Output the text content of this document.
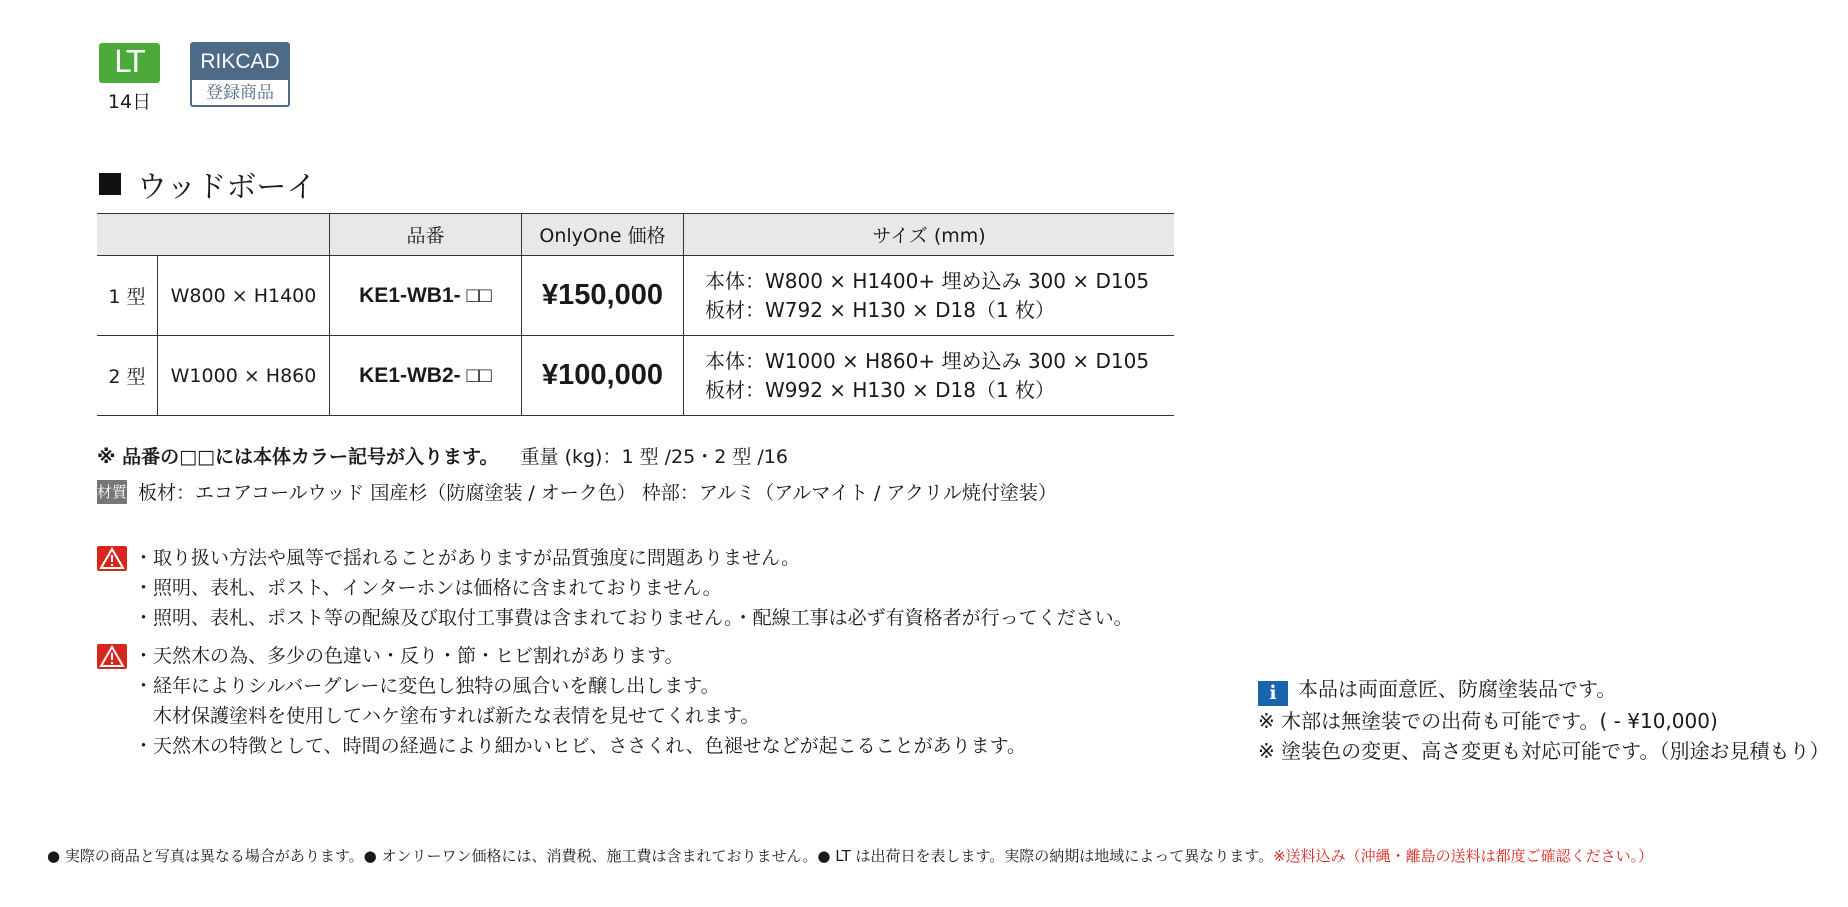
LT
14日
RIKCAD
登録商品
ウッドボーイ
		品番	OnlyOne 価格	サイズ (mm)
1 型	W800 × H1400	KE1-WB1- □□	¥150,000	本体：W800 × H1400+ 埋め込み 300 × D105
板材：W792 × H130 × D18（1 枚）

2 型	W1000 × H860	KE1-WB2- □□	¥100,000	本体：W1000 × H860+ 埋め込み 300 × D105
板材：W992 × H130 × D18（1 枚）
※ 品番の□□には本体カラー記号が入ります。 重量 (kg)：1 型 /25・2 型 /16
材質 板材：エコアコールウッド 国産杉（防腐塗装 / オーク色） 枠部：アルミ（アルマイト / アクリル焼付塗装）
・取り扱い方法や風等で揺れることがありますが品質強度に問題ありません。
・照明、表札、ポスト、インターホンは価格に含まれておりません。
・照明、表札、ポスト等の配線及び取付工事費は含まれておりません。・配線工事は必ず有資格者が行ってください。
・天然木の為、多少の色違い・反り・節・ヒビ割れがあります。
・経年によりシルバーグレーに変色し独特の風合いを醸し出します。
　木材保護塗料を使用してハケ塗布すれば新たな表情を見せてくれます。
・天然木の特徴として、時間の経過により細かいヒビ、ささくれ、色褪せなどが起こることがあります。
i 本品は両面意匠、防腐塗装品です。
※ 木部は無塗装での出荷も可能です。( - ¥10,000)
※ 塗装色の変更、高さ変更も対応可能です。（別途お見積もり）
● 実際の商品と写真は異なる場合があります。● オンリーワン価格には、消費税、施工費は含まれておりません。● LT は出荷日を表します。実際の納期は地域によって異なります。※送料込み（沖縄・離島の送料は都度ご確認ください。）
